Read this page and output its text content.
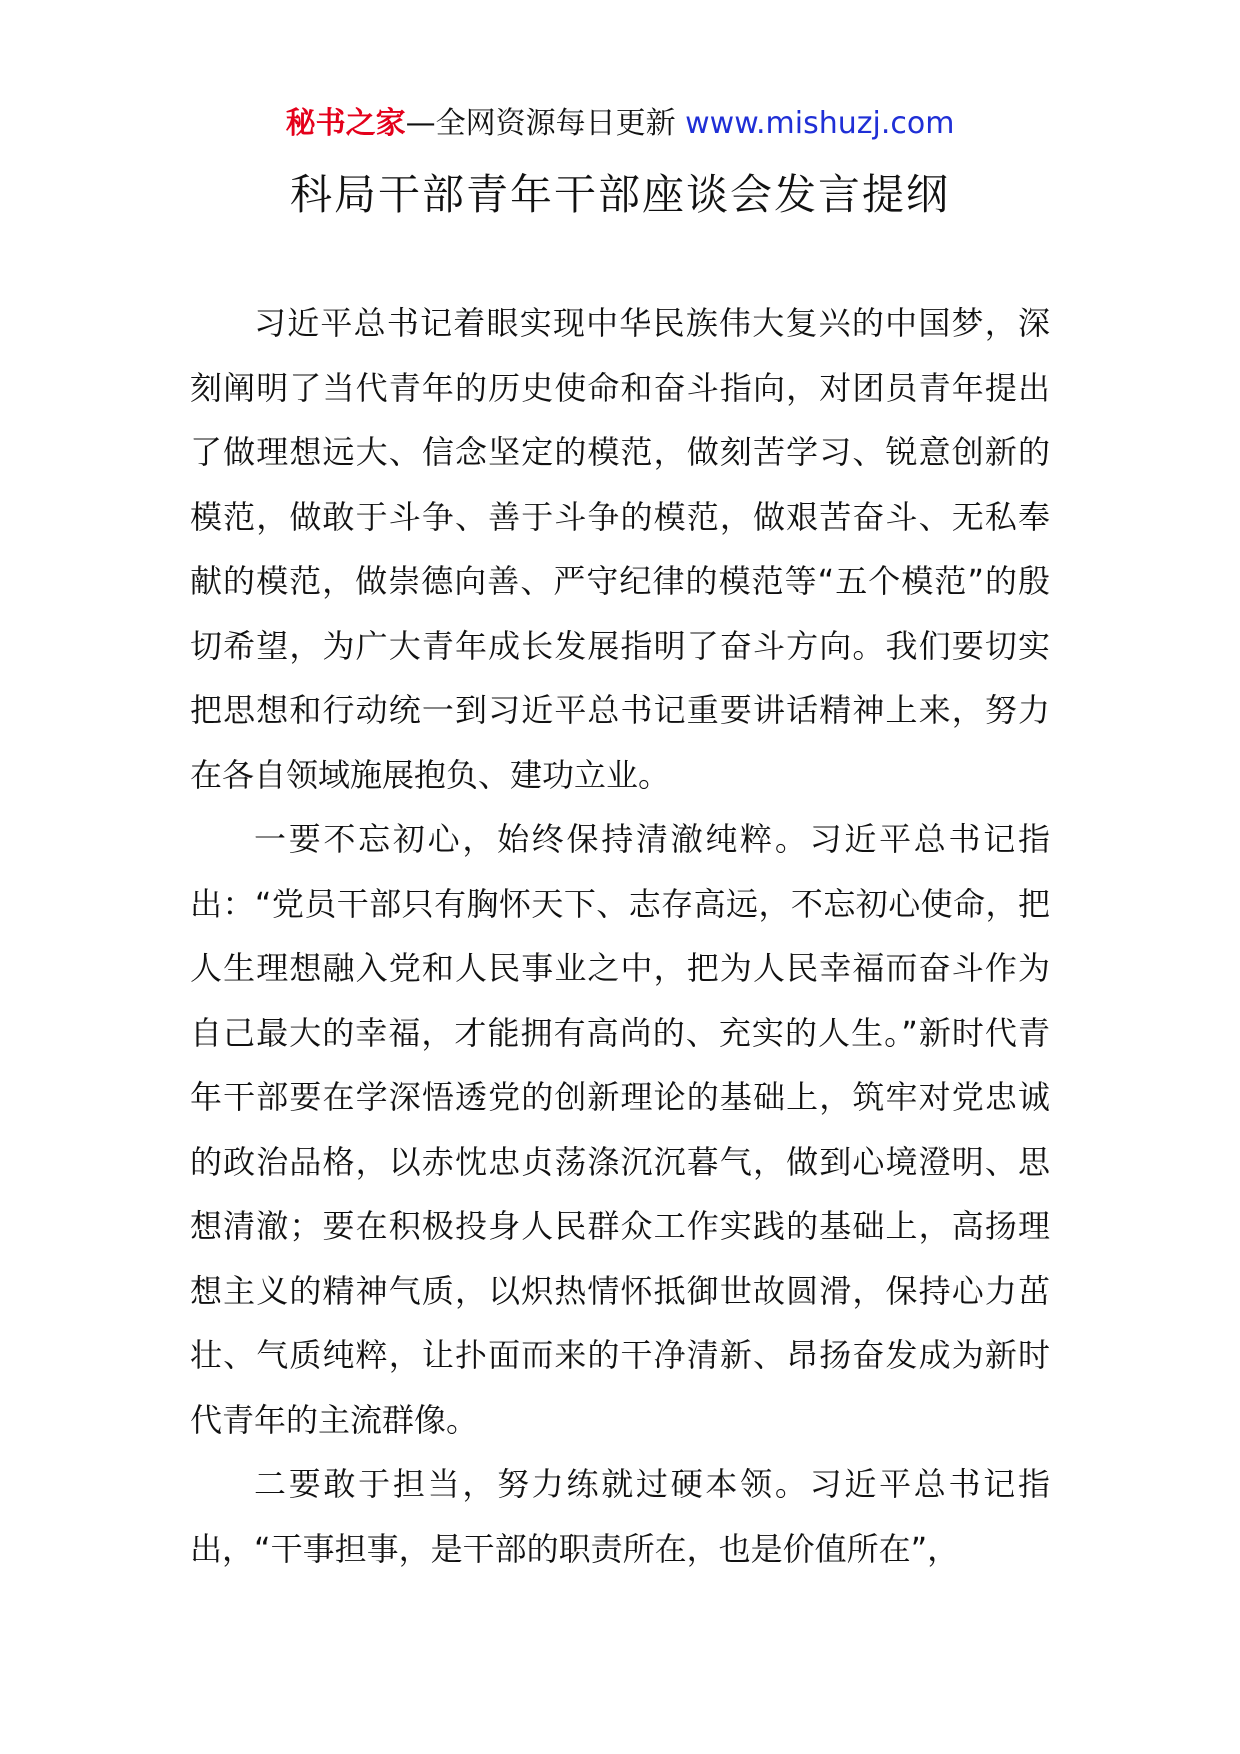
秘书之家—全网资源每日更新 www.mishuzj.com
科局干部青年干部座谈会发言提纲

习近平总书记着眼实现中华民族伟大复兴的中国梦，深刻阐明了当代青年的历史使命和奋斗指向，对团员青年提出了做理想远大、信念坚定的模范，做刻苦学习、锐意创新的模范，做敢于斗争、善于斗争的模范，做艰苦奋斗、无私奉献的模范，做崇德向善、严守纪律的模范等“五个模范”的殷切希望，为广大青年成长发展指明了奋斗方向。我们要切实把思想和行动统一到习近平总书记重要讲话精神上来，努力在各自领域施展抱负、建功立业。

一要不忘初心，始终保持清澈纯粹。习近平总书记指出：“党员干部只有胸怀天下、志存高远，不忘初心使命，把人生理想融入党和人民事业之中，把为人民幸福而奋斗作为自己最大的幸福，才能拥有高尚的、充实的人生。”新时代青年干部要在学深悟透党的创新理论的基础上，筑牢对党忠诚的政治品格，以赤忱忠贞荡涤沉沉暮气，做到心境澄明、思想清澈；要在积极投身人民群众工作实践的基础上，高扬理想主义的精神气质，以炽热情怀抵御世故圆滑，保持心力茁壮、气质纯粹，让扑面而来的干净清新、昂扬奋发成为新时代青年的主流群像。

二要敢于担当，努力练就过硬本领。习近平总书记指出，“干事担事，是干部的职责所在，也是价值所在”，
